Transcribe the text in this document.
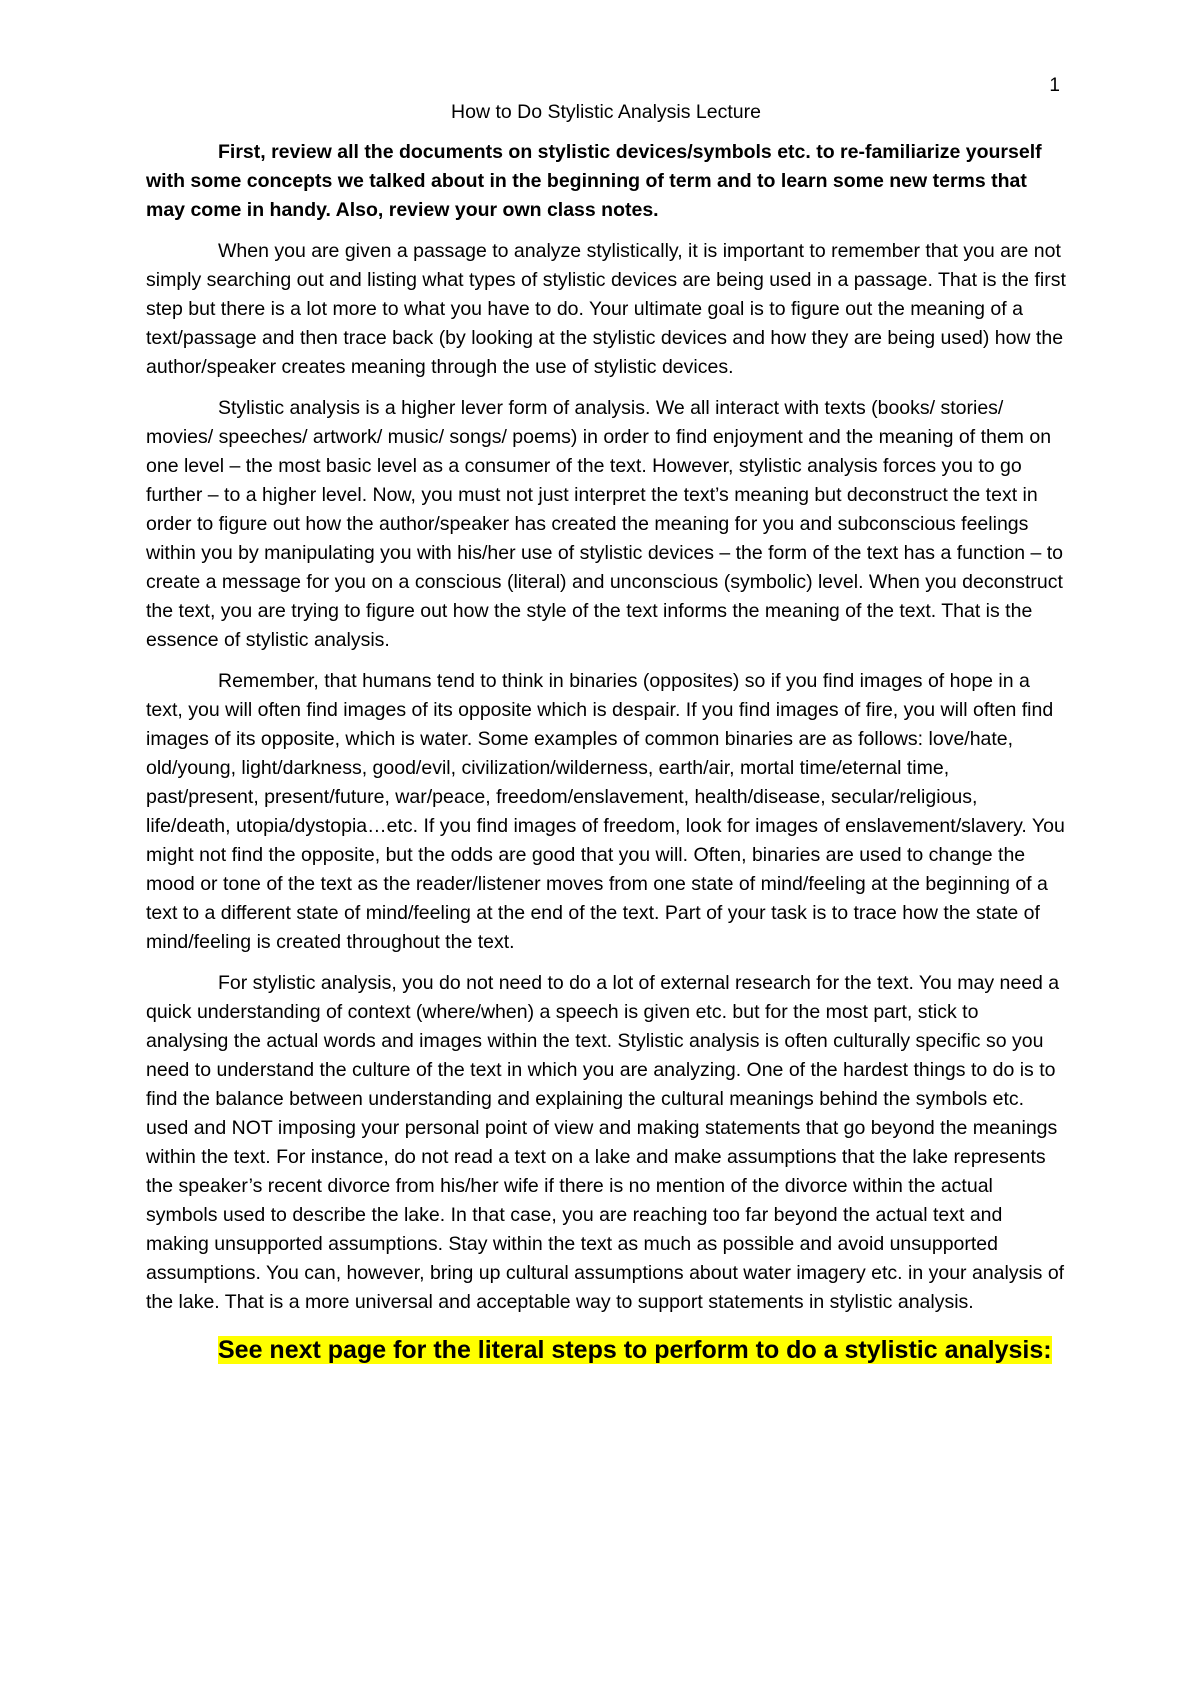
1
How to Do Stylistic Analysis Lecture

First, review all the documents on stylistic devices/symbols etc. to re-familiarize yourself with some concepts we talked about in the beginning of term and to learn some new terms that may come in handy. Also, review your own class notes.

When you are given a passage to analyze stylistically, it is important to remember that you are not simply searching out and listing what types of stylistic devices are being used in a passage. That is the first step but there is a lot more to what you have to do. Your ultimate goal is to figure out the meaning of a text/passage and then trace back (by looking at the stylistic devices and how they are being used) how the author/speaker creates meaning through the use of stylistic devices.

Stylistic analysis is a higher lever form of analysis. We all interact with texts (books/ stories/ movies/ speeches/ artwork/ music/ songs/ poems) in order to find enjoyment and the meaning of them on one level – the most basic level as a consumer of the text. However, stylistic analysis forces you to go further – to a higher level. Now, you must not just interpret the text’s meaning but deconstruct the text in order to figure out how the author/speaker has created the meaning for you and subconscious feelings within you by manipulating you with his/her use of stylistic devices – the form of the text has a function – to create a message for you on a conscious (literal) and unconscious (symbolic) level. When you deconstruct the text, you are trying to figure out how the style of the text informs the meaning of the text. That is the essence of stylistic analysis.

Remember, that humans tend to think in binaries (opposites) so if you find images of hope in a text, you will often find images of its opposite which is despair. If you find images of fire, you will often find images of its opposite, which is water. Some examples of common binaries are as follows: love/hate, old/young, light/darkness, good/evil, civilization/wilderness, earth/air, mortal time/eternal time, past/present, present/future, war/peace, freedom/enslavement, health/disease, secular/religious, life/death, utopia/dystopia…etc. If you find images of freedom, look for images of enslavement/slavery. You might not find the opposite, but the odds are good that you will. Often, binaries are used to change the mood or tone of the text as the reader/listener moves from one state of mind/feeling at the beginning of a text to a different state of mind/feeling at the end of the text. Part of your task is to trace how the state of mind/feeling is created throughout the text.

For stylistic analysis, you do not need to do a lot of external research for the text. You may need a quick understanding of context (where/when) a speech is given etc. but for the most part, stick to analysing the actual words and images within the text. Stylistic analysis is often culturally specific so you need to understand the culture of the text in which you are analyzing. One of the hardest things to do is to find the balance between understanding and explaining the cultural meanings behind the symbols etc. used and NOT imposing your personal point of view and making statements that go beyond the meanings within the text. For instance, do not read a text on a lake and make assumptions that the lake represents the speaker’s recent divorce from his/her wife if there is no mention of the divorce within the actual symbols used to describe the lake. In that case, you are reaching too far beyond the actual text and making unsupported assumptions. Stay within the text as much as possible and avoid unsupported assumptions. You can, however, bring up cultural assumptions about water imagery etc. in your analysis of the lake. That is a more universal and acceptable way to support statements in stylistic analysis.

See next page for the literal steps to perform to do a stylistic analysis:
